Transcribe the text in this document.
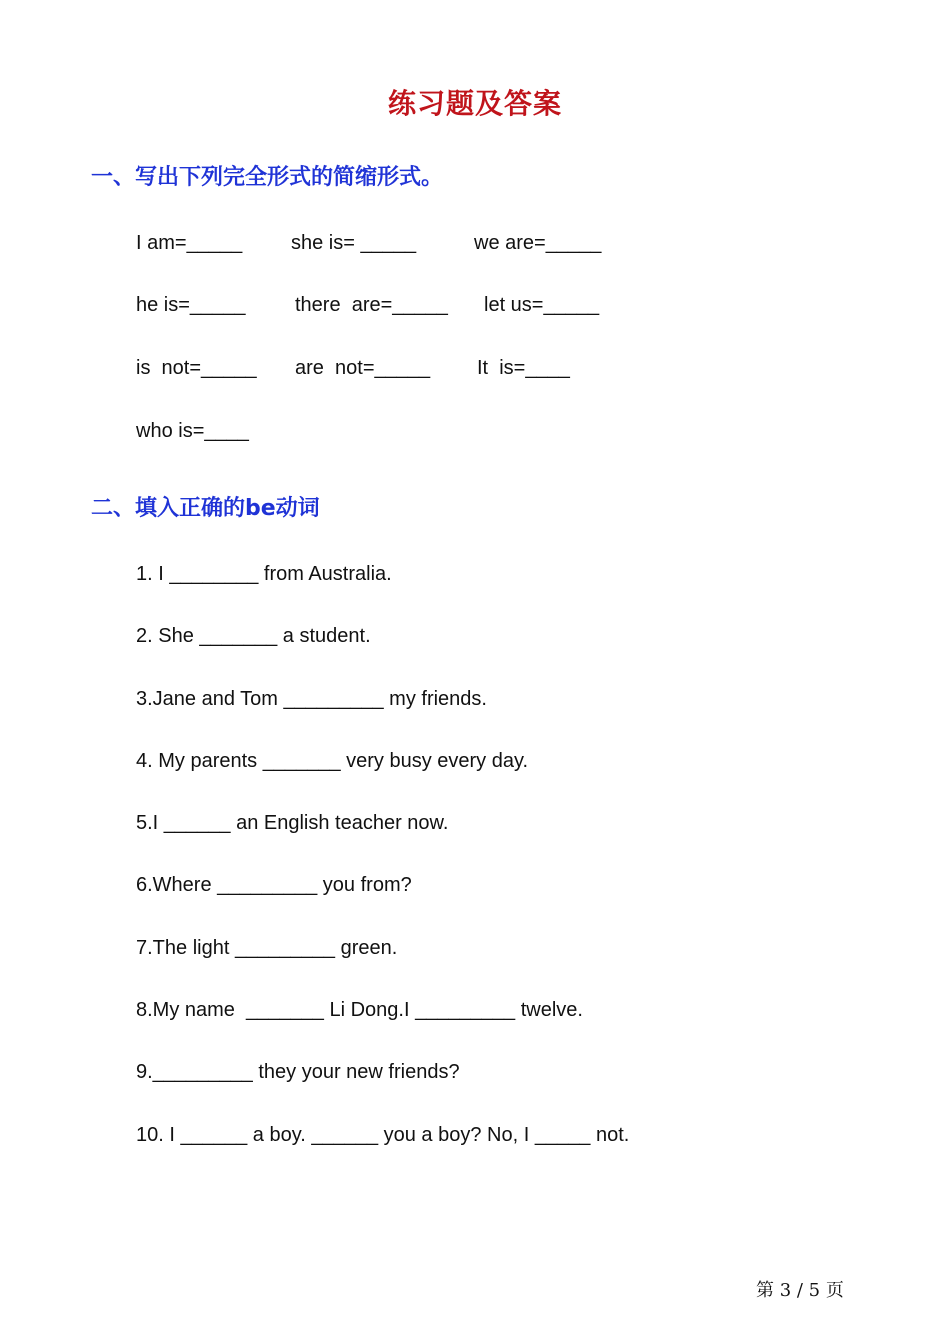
练习题及答案
一、写出下列完全形式的简缩形式。
I am=_____ she is= _____	we are=_____
he is=_____ there  are=_____ let us=_____
is  not=_____ are  not=_____ It  is=____
who is=____
二、填入正确的be动词
1. I ________ from Australia.
2. She _______ a student.
3.Jane and Tom _________ my friends.
4. My parents _______ very busy every day.
5.I ______ an English teacher now.
6.Where _________ you from?
7.The light _________ green.
8.My name  _______ Li Dong.I _________ twelve.
9._________ they your new friends?
10. I ______ a boy. ______ you a boy? No, I _____ not.
第 3 / 5 页
